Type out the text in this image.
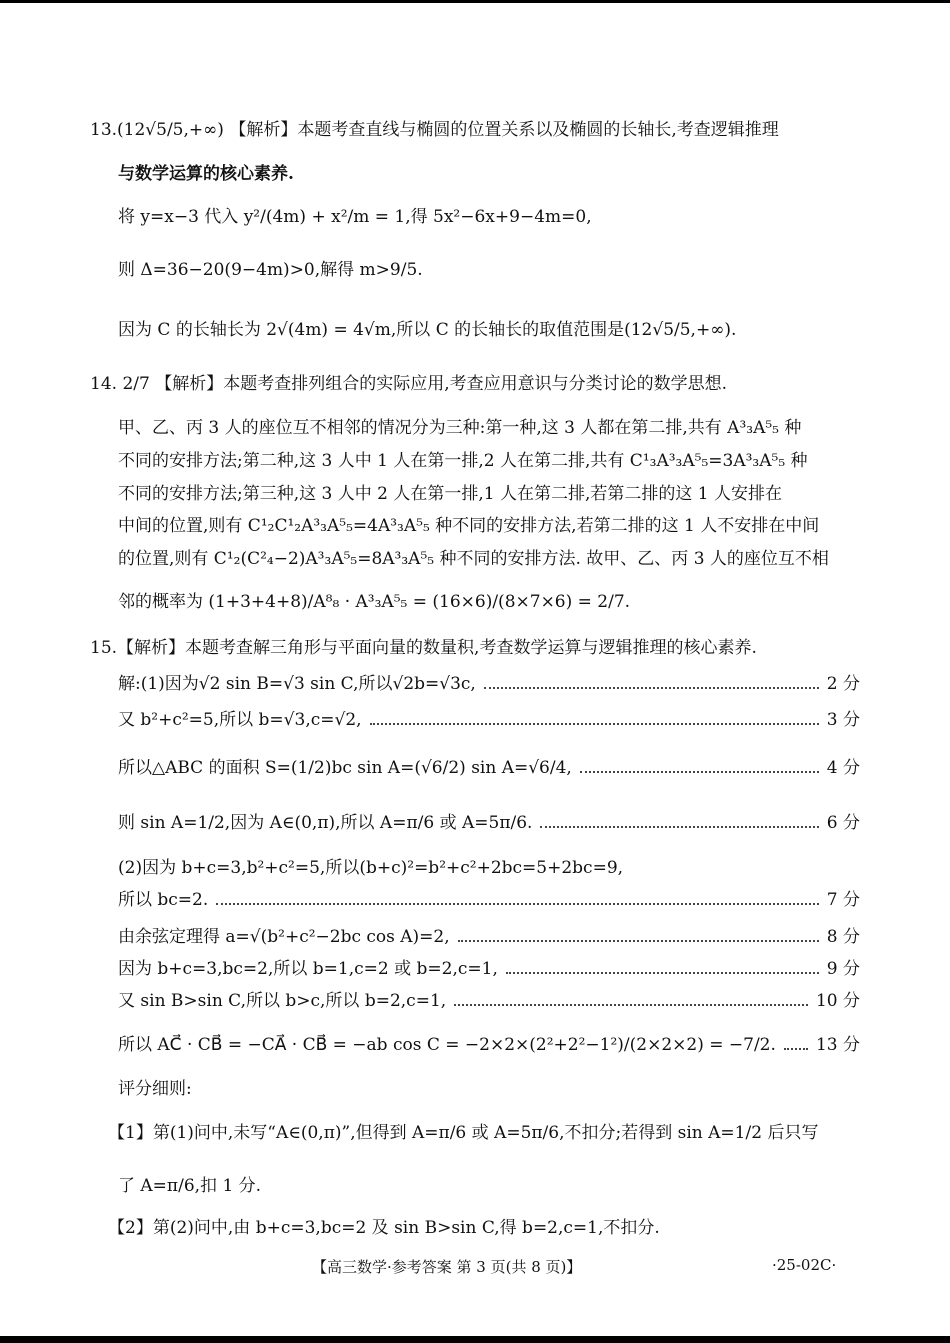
13.(12√5/5,+∞) 【解析】本题考查直线与椭圆的位置关系以及椭圆的长轴长,考查逻辑推理
与数学运算的核心素养.
将 y=x−3 代入 y²/(4m) + x²/m = 1,得 5x²−6x+9−4m=0,
则 Δ=36−20(9−4m)>0,解得 m>9/5.
因为 C 的长轴长为 2√(4m) = 4√m,所以 C 的长轴长的取值范围是(12√5/5,+∞).
14. 2/7 【解析】本题考查排列组合的实际应用,考查应用意识与分类讨论的数学思想.
甲、乙、丙 3 人的座位互不相邻的情况分为三种:第一种,这 3 人都在第二排,共有 A³₃A⁵₅ 种
不同的安排方法;第二种,这 3 人中 1 人在第一排,2 人在第二排,共有 C¹₃A³₃A⁵₅=3A³₃A⁵₅ 种
不同的安排方法;第三种,这 3 人中 2 人在第一排,1 人在第二排,若第二排的这 1 人安排在
中间的位置,则有 C¹₂C¹₂A³₃A⁵₅=4A³₃A⁵₅ 种不同的安排方法,若第二排的这 1 人不安排在中间
的位置,则有 C¹₂(C²₄−2)A³₃A⁵₅=8A³₃A⁵₅ 种不同的安排方法. 故甲、乙、丙 3 人的座位互不相
邻的概率为 (1+3+4+8)/A⁸₈ · A³₃A⁵₅ = (16×6)/(8×7×6) = 2/7.
15.【解析】本题考查解三角形与平面向量的数量积,考查数学运算与逻辑推理的核心素养.
解:(1)因为√2 sin B=√3 sin C,所以√2b=√3c,	2 分
又 b²+c²=5,所以 b=√3,c=√2,	3 分
所以△ABC 的面积 S=(1/2)bc sin A=(√6/2) sin A=√6/4,	4 分
则 sin A=1/2,因为 A∈(0,π),所以 A=π/6 或 A=5π/6.	6 分
(2)因为 b+c=3,b²+c²=5,所以(b+c)²=b²+c²+2bc=5+2bc=9,
所以 bc=2.	7 分
由余弦定理得 a=√(b²+c²−2bc cos A)=2,	8 分
因为 b+c=3,bc=2,所以 b=1,c=2 或 b=2,c=1,	9 分
又 sin B>sin C,所以 b>c,所以 b=2,c=1,	10 分
所以 AC⃗ · CB⃗ = −CA⃗ · CB⃗ = −ab cos C = −2×2×(2²+2²−1²)/(2×2×2) = −7/2. 13 分
评分细则:
【1】第(1)问中,未写“A∈(0,π)”,但得到 A=π/6 或 A=5π/6,不扣分;若得到 sin A=1/2 后只写
了 A=π/6,扣 1 分.
【2】第(2)问中,由 b+c=3,bc=2 及 sin B>sin C,得 b=2,c=1,不扣分.
【高三数学·参考答案 第 3 页(共 8 页)】	·25-02C·
